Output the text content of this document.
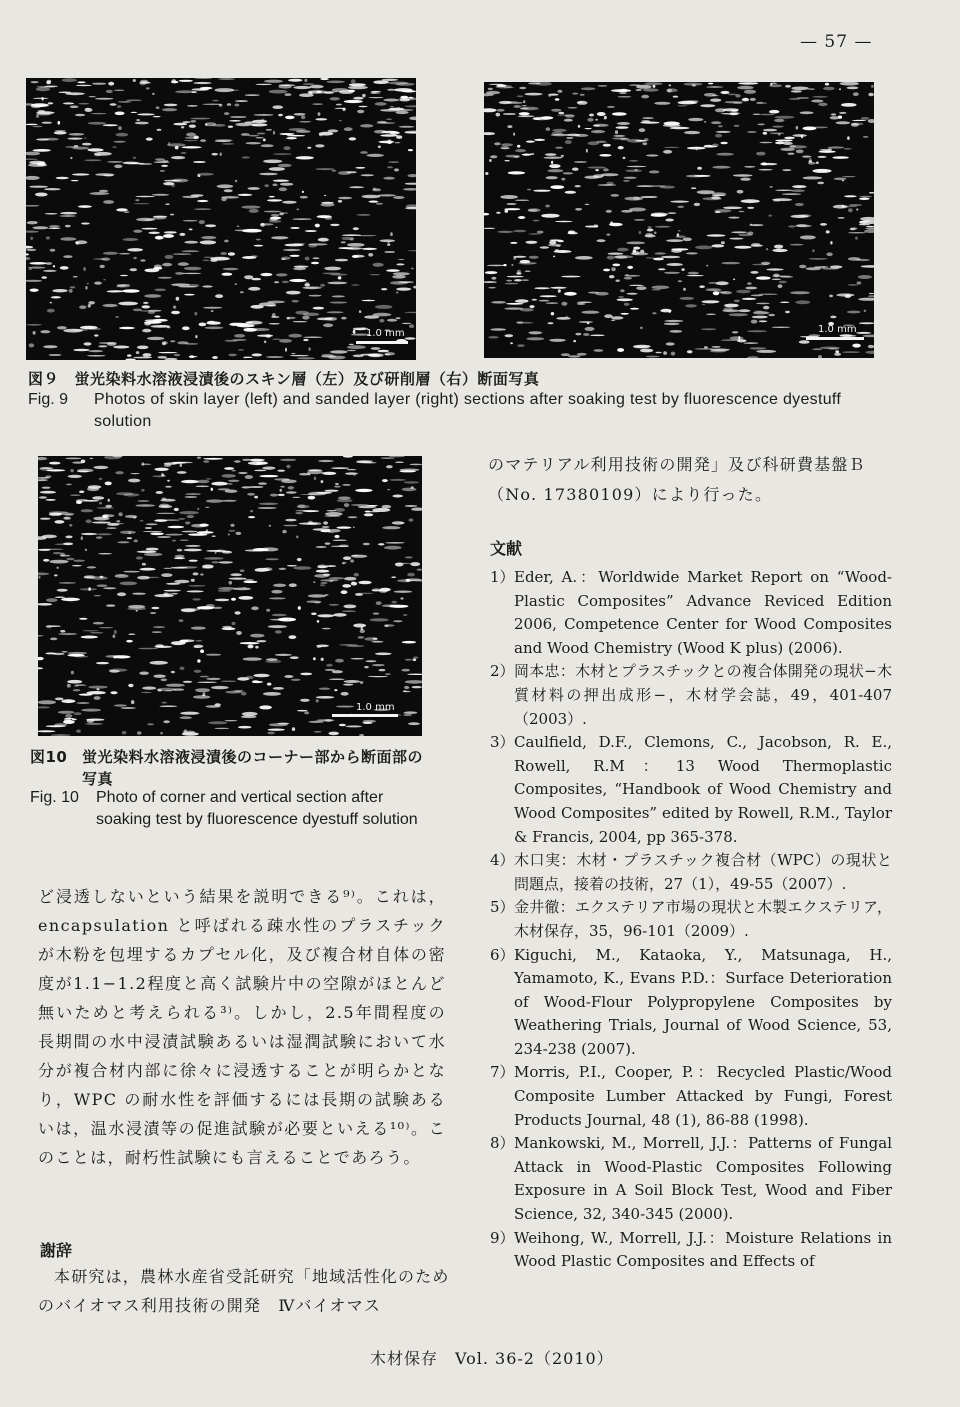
— 57 —
1.0 mm	1.0 mm
図９　蛍光染料水溶液浸漬後のスキン層（左）及び研削層（右）断面写真
Fig. 9 Photos of skin layer (left) and sanded layer (right) sections after soaking test by fluorescence dyestuff solution
1.0 mm
図10 蛍光染料水溶液浸漬後のコーナー部から断面部の写真
Fig. 10 Photo of corner and vertical section after soaking test by fluorescence dyestuff solution

ど浸透しないという結果を説明できる⁹⁾。これは，encapsulation と呼ばれる疎水性のプラスチックが木粉を包埋するカプセル化，及び複合材自体の密度が1.1−1.2程度と高く試験片中の空隙がほとんど無いためと考えられる³⁾。しかし，2.5年間程度の長期間の水中浸漬試験あるいは湿潤試験において水分が複合材内部に徐々に浸透することが明らかとなり，WPC の耐水性を評価するには長期の試験あるいは，温水浸漬等の促進試験が必要といえる¹⁰⁾。このことは，耐朽性試験にも言えることであろう。

謝辞

本研究は，農林水産省受託研究「地域活性化のためのバイオマス利用技術の開発　Ⅳバイオマス

のマテリアル利用技術の開発」及び科研費基盤Ｂ（No. 17380109）により行った。

文献
1） Eder, A.：Worldwide Market Report on “Wood-Plastic Composites” Advance Reviced Edition 2006, Competence Center for Wood Composites and Wood Chemistry (Wood K plus) (2006).
2） 岡本忠：木材とプラスチックとの複合体開発の現状−木質材料の押出成形−，木材学会誌，49，401-407（2003）.
3） Caulfield, D.F., Clemons, C., Jacobson, R. E., Rowell, R.M：13 Wood Thermoplastic Composites, “Handbook of Wood Chemistry and Wood Composites” edited by Rowell, R.M., Taylor & Francis, 2004, pp 365-378.
4） 木口実：木材・プラスチック複合材（WPC）の現状と問題点，接着の技術，27（1），49-55（2007）.
5） 金井徹：エクステリア市場の現状と木製エクステリア，木材保存，35，96-101（2009）.
6） Kiguchi, M., Kataoka, Y., Matsunaga, H., Yamamoto, K., Evans P.D.：Surface Deterioration of Wood-Flour Polypropylene Composites by Weathering Trials, Journal of Wood Science, 53, 234-238 (2007).
7） Morris, P.I., Cooper, P.：Recycled Plastic/Wood Composite Lumber Attacked by Fungi, Forest Products Journal, 48 (1), 86-88 (1998).
8） Mankowski, M., Morrell, J.J.：Patterns of Fungal Attack in Wood-Plastic Composites Following Exposure in A Soil Block Test, Wood and Fiber Science, 32, 340-345 (2000).
9） Weihong, W., Morrell, J.J.：Moisture Relations in Wood Plastic Composites and Effects of
木材保存　Vol. 36-2（2010）
